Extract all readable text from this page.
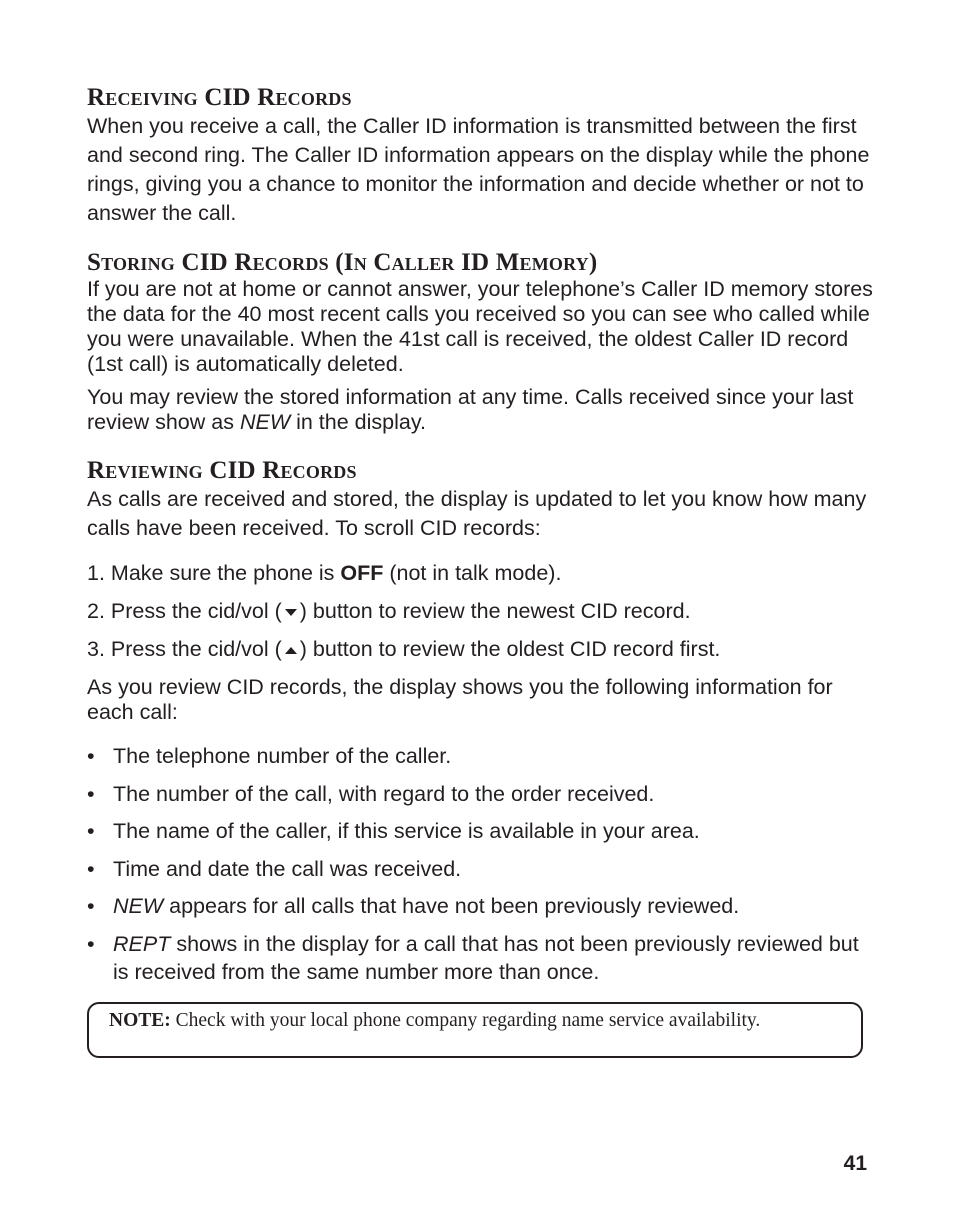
Receiving CID Records

When you receive a call, the Caller ID information is transmitted between the first and second ring. The Caller ID information appears on the display while the phone rings, giving you a chance to monitor the information and decide whether or not to answer the call.

Storing CID Records (In Caller ID Memory)

If you are not at home or cannot answer, your telephone’s Caller ID memory stores the data for the 40 most recent calls you received so you can see who called while you were unavailable. When the 41st call is received, the oldest Caller ID record (1st call) is automatically deleted.

You may review the stored information at any time. Calls received since your last review show as NEW in the display.

Reviewing CID Records

As calls are received and stored, the display is updated to let you know how many calls have been received. To scroll CID records:

1. Make sure the phone is OFF (not in talk mode).
2. Press the cid/vol ( ) button to review the newest CID record.
3. Press the cid/vol ( ) button to review the oldest CID record first.

As you review CID records, the display shows you the following information for each call:

• The telephone number of the caller.
• The number of the call, with regard to the order received.
• The name of the caller, if this service is available in your area.
• Time and date the call was received.
• NEW appears for all calls that have not been previously reviewed.
• REPT shows in the display for a call that has not been previously reviewed but is received from the same number more than once.
NOTE: Check with your local phone company regarding name service availability.
41
